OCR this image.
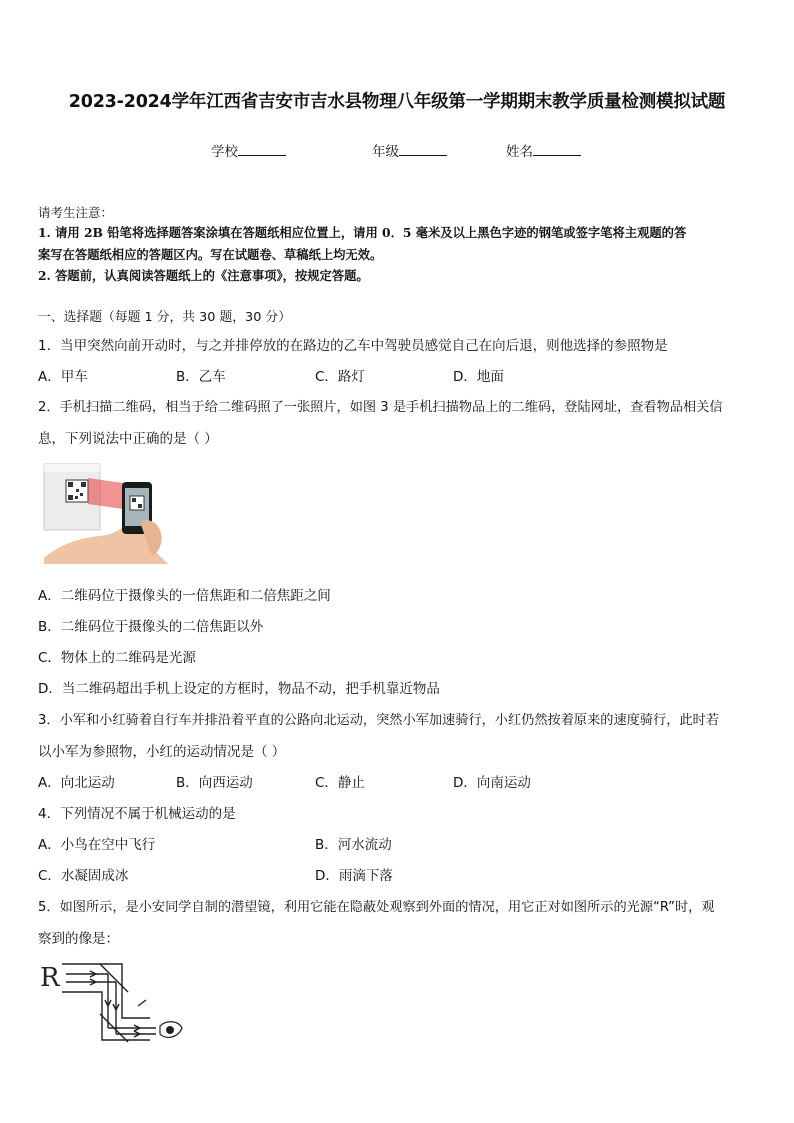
2023-2024学年江西省吉安市吉水县物理八年级第一学期期末教学质量检测模拟试题
学校	年级	姓名
请考生注意：
1. 请用 2B 铅笔将选择题答案涂填在答题纸相应位置上，请用 0．5 毫米及以上黑色字迹的钢笔或签字笔将主观题的答
案写在答题纸相应的答题区内。写在试题卷、草稿纸上均无效。
2. 答题前，认真阅读答题纸上的《注意事项》，按规定答题。
一、选择题（每题 1 分，共 30 题，30 分）
1．当甲突然向前开动时，与之并排停放的在路边的乙车中驾驶员感觉自己在向后退，则他选择的参照物是
A．甲车	B．乙车	C．路灯	D．地面
2．手机扫描二维码，相当于给二维码照了一张照片，如图 3 是手机扫描物品上的二维码，登陆网址，查看物品相关信
息，下列说法中正确的是（ ）
A．二维码位于摄像头的一倍焦距和二倍焦距之间
B．二维码位于摄像头的二倍焦距以外
C．物体上的二维码是光源
D．当二维码超出手机上设定的方框时，物品不动，把手机靠近物品
3．小军和小红骑着自行车并排沿着平直的公路向北运动，突然小军加速骑行，小红仍然按着原来的速度骑行，此时若
以小军为参照物，小红的运动情况是（ ）
A．向北运动	B．向西运动	C．静止	D．向南运动
4．下列情况不属于机械运动的是
A．小鸟在空中飞行	B．河水流动
C．水凝固成冰	D．雨滴下落
5．如图所示，是小安同学自制的潜望镜，利用它能在隐蔽处观察到外面的情况，用它正对如图所示的光源“R”时，观
察到的像是：
R
